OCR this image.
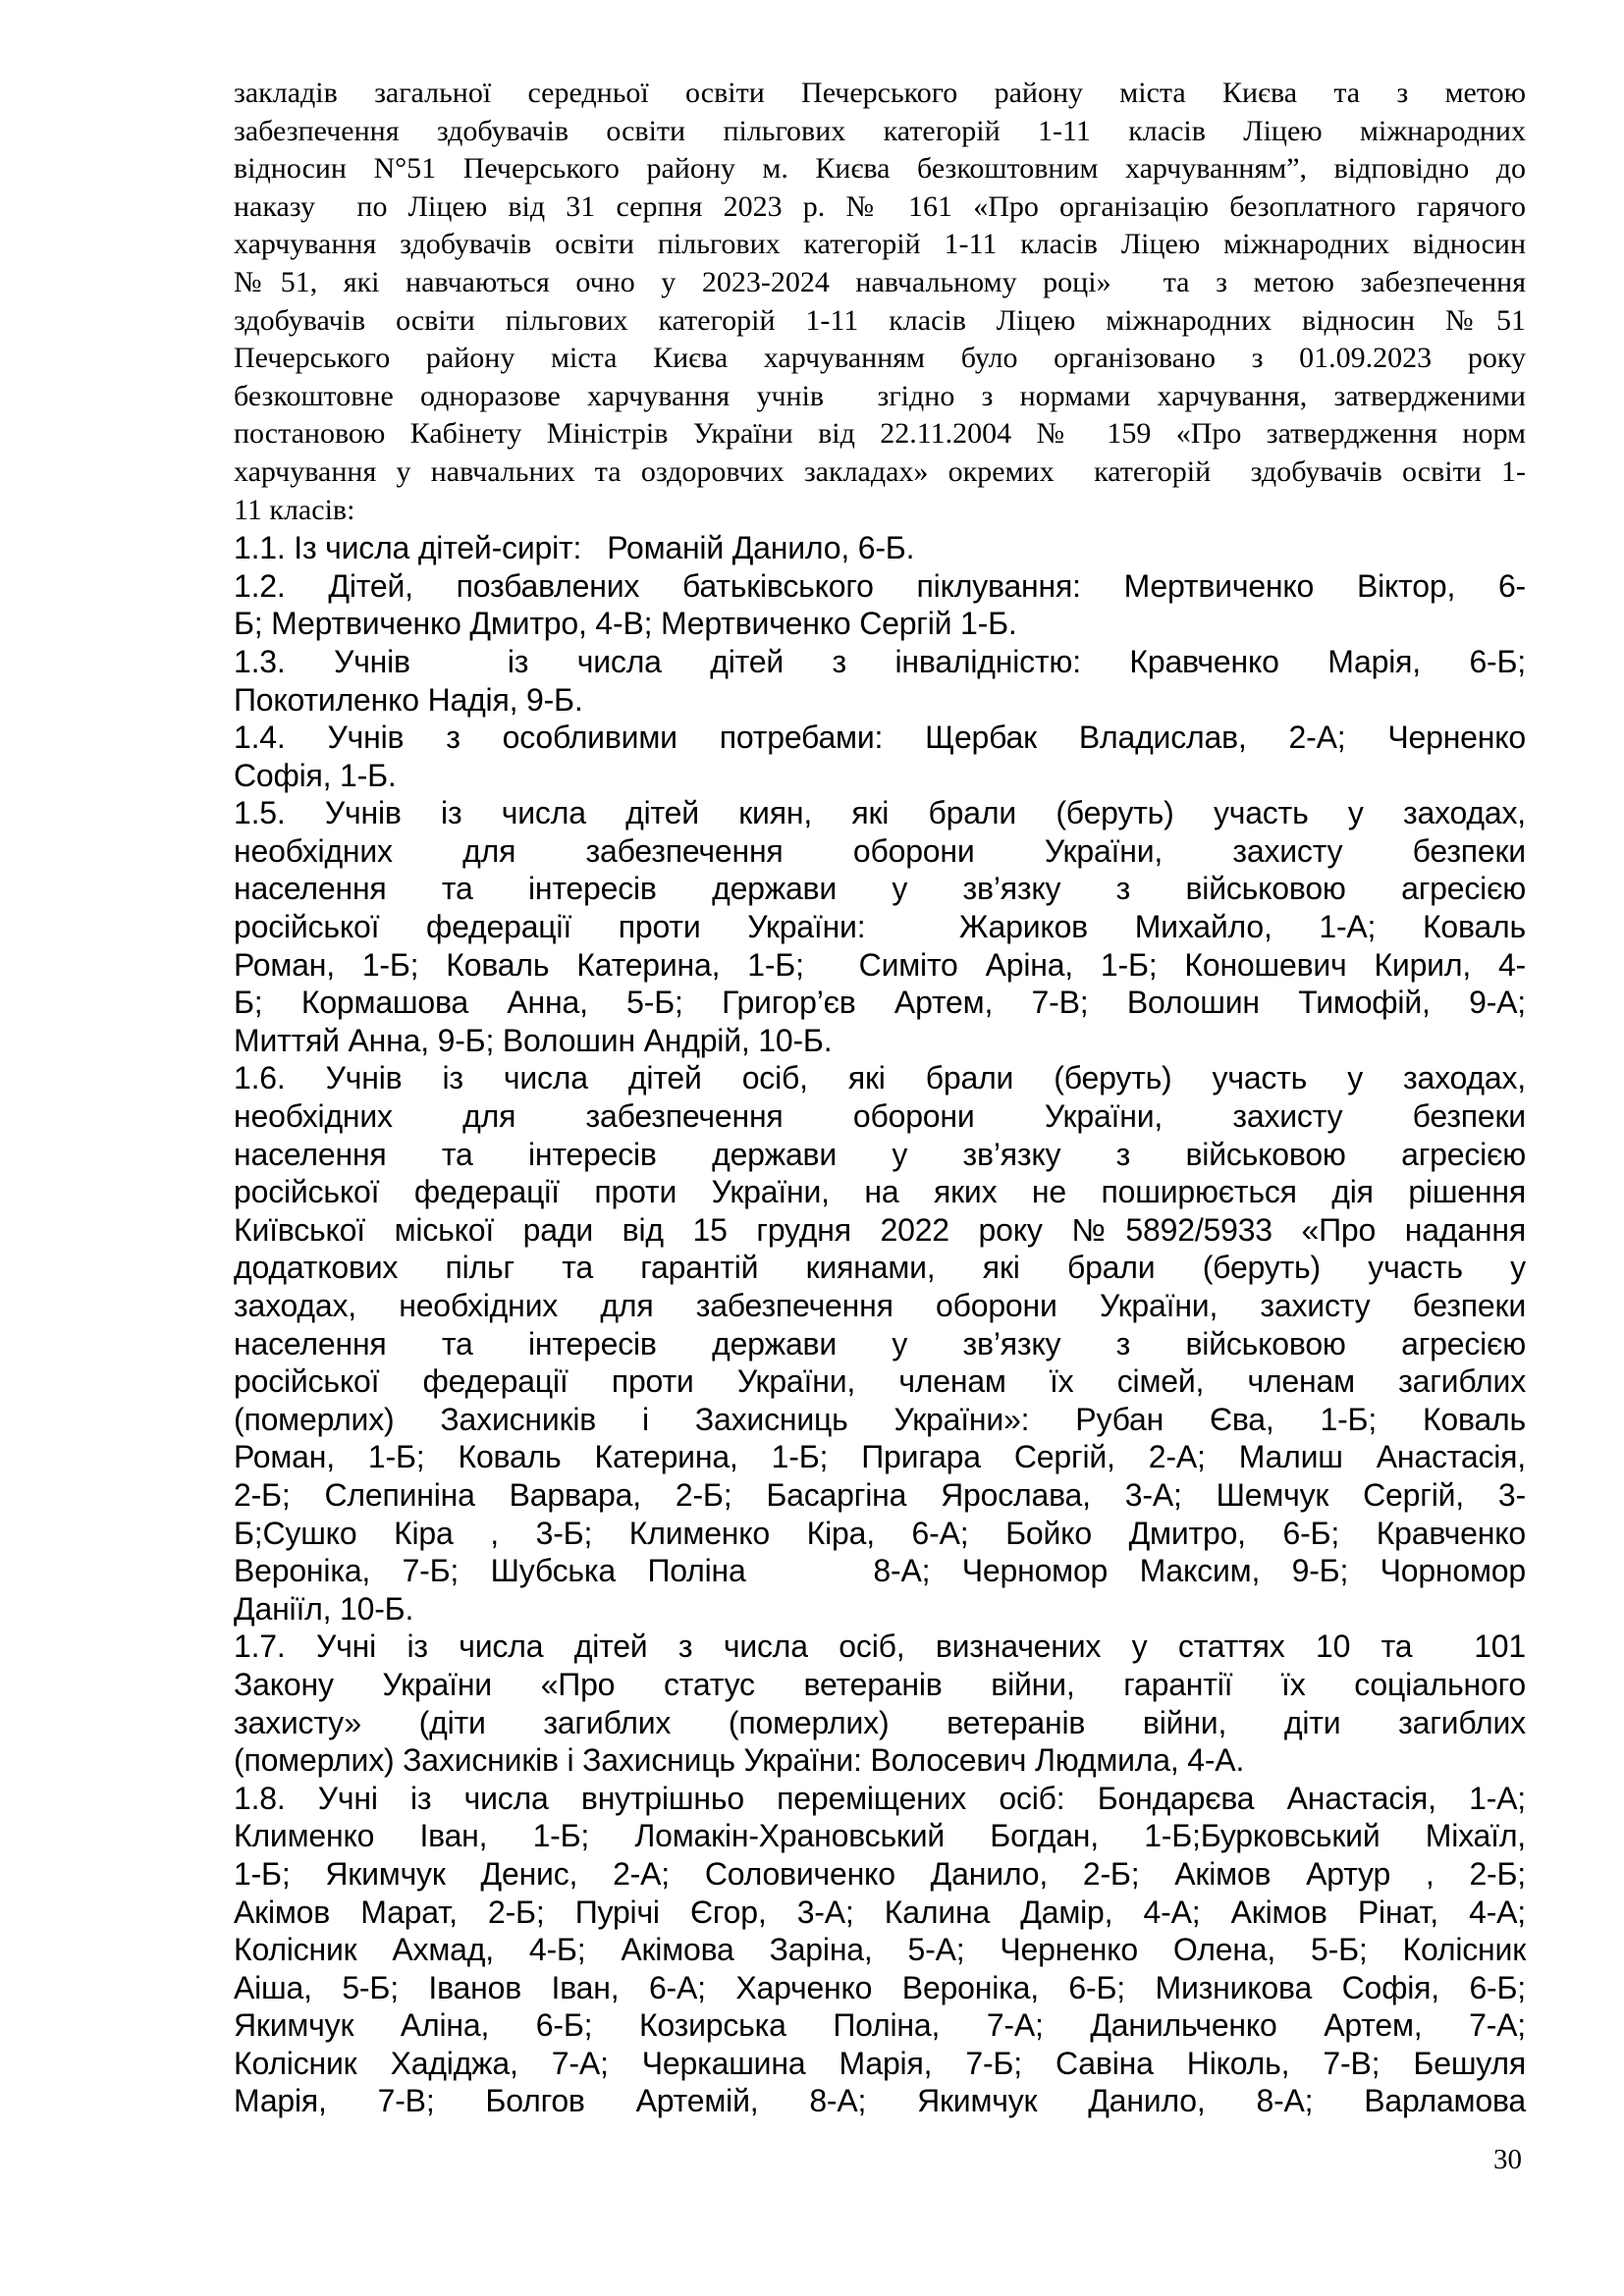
закладів  загальної  середньої  освіти  Печерського  району  міста  Києва  та  з  метою
забезпечення  здобувачів  освіти  пільгових  категорій  1-11  класів  Ліцею  міжнародних
відносин N°51 Печерського району м. Києва безкоштовним харчуванням”, відповідно до
наказу  по Ліцею від 31 серпня 2023 р. № 161 «Про організацію безоплатного гарячого
харчування здобувачів освіти пільгових категорій 1-11 класів Ліцею міжнародних відносин
№51, які навчаються очно у 2023-2024 навчальному році»  та з метою забезпечення
здобувачів освіти пільгових категорій 1-11 класів Ліцею міжнародних відносин №51
Печерського району міста Києва харчуванням було організовано з 01.09.2023 року
безкоштовне одноразове харчування учнів  згідно з нормами харчування, затвердженими
постановою Кабінету Міністрів України від 22.11.2004 № 159 «Про затвердження норм
харчування у навчальних та оздоровчих закладах» окремих  категорій  здобувачів освіти 1-
11 класів:
1.1. Із числа дітей-сиріт:   Романій Данило, 6-Б.
1.2. Дітей, позбавлених батьківського піклування: Мертвиченко Віктор, 6-
Б; Мертвиченко Дмитро, 4-В; Мертвиченко Сергій 1-Б.
1.3. Учнів  із числа дітей з інвалідністю: Кравченко Марія, 6-Б;
Покотиленко Надія, 9-Б.
1.4. Учнів з особливими потребами: Щербак Владислав, 2-А; Черненко
Софія, 1-Б.
1.5. Учнів із числа дітей киян, які брали (беруть) участь у заходах,
необхідних для забезпечення оборони України, захисту безпеки
населення та інтересів держави у зв’язку з військовою агресією
російської федерації проти України:  Жариков Михайло, 1-А; Коваль
Роман, 1-Б; Коваль Катерина, 1-Б;  Симіто Аріна, 1-Б; Коношевич Кирил, 4-
Б; Кормашова Анна, 5-Б; Григор’єв Артем, 7-В; Волошин Тимофій, 9-А;
Миттяй Анна, 9-Б; Волошин Андрій, 10-Б.
1.6. Учнів із числа дітей осіб, які брали (беруть) участь у заходах,
необхідних для забезпечення оборони України, захисту безпеки
населення та інтересів держави у зв’язку з військовою агресією
російської федерації проти України, на яких не поширюється дія рішення
Київської міської ради від 15 грудня 2022 року №5892/5933 «Про надання
додаткових пільг та гарантій киянами, які брали (беруть) участь у
заходах, необхідних для забезпечення оборони України, захисту безпеки
населення та інтересів держави у зв’язку з військовою агресією
російської федерації проти України, членам їх сімей, членам загиблих
(померлих) Захисників і Захисниць України»: Рубан Єва, 1-Б; Коваль
Роман, 1-Б; Коваль Катерина, 1-Б; Пригара Сергій, 2-А; Малиш Анастасія,
2-Б; Слепиніна Варвара, 2-Б; Басаргіна Ярослава, 3-А; Шемчук Сергій, 3-
Б;Сушко Кіра , 3-Б; Клименко Кіра, 6-А; Бойко Дмитро, 6-Б; Кравченко
Вероніка, 7-Б; Шубська Поліна    8-А; Черномор Максим, 9-Б; Чорномор
Даніїл, 10-Б.
1.7. Учні із числа дітей з числа осіб, визначених у статтях 10 та  101
Закону України «Про статус ветеранів війни, гарантії їх соціального
захисту» (діти загиблих (померлих) ветеранів війни, діти загиблих
(померлих) Захисників і Захисниць України: Волосевич Людмила, 4-А.
1.8. Учні із числа внутрішньо переміщених осіб: Бондарєва Анастасія, 1-А;
Клименко Іван, 1-Б; Ломакін-Храновський Богдан, 1-Б;Бурковський Міхаїл,
1-Б; Якимчук Денис, 2-А; Соловиченко Данило, 2-Б; Акімов Артур , 2-Б;
Акімов Марат, 2-Б; Пурічі Єгор, 3-А; Калина Дамір, 4-А; Акімов Рінат, 4-А;
Колісник Ахмад, 4-Б; Акімова Заріна, 5-А; Черненко Олена, 5-Б; Колісник
Аіша, 5-Б; Іванов Іван, 6-А; Харченко Вероніка, 6-Б; Мизникова Софія, 6-Б;
Якимчук Аліна, 6-Б; Козирська Поліна, 7-А; Данильченко Артем, 7-А;
Колісник Хадіджа, 7-А; Черкашина Марія, 7-Б; Савіна Ніколь, 7-В; Бешуля
Марія, 7-В; Болгов Артемій, 8-А; Якимчук Данило, 8-А; Варламова
30
